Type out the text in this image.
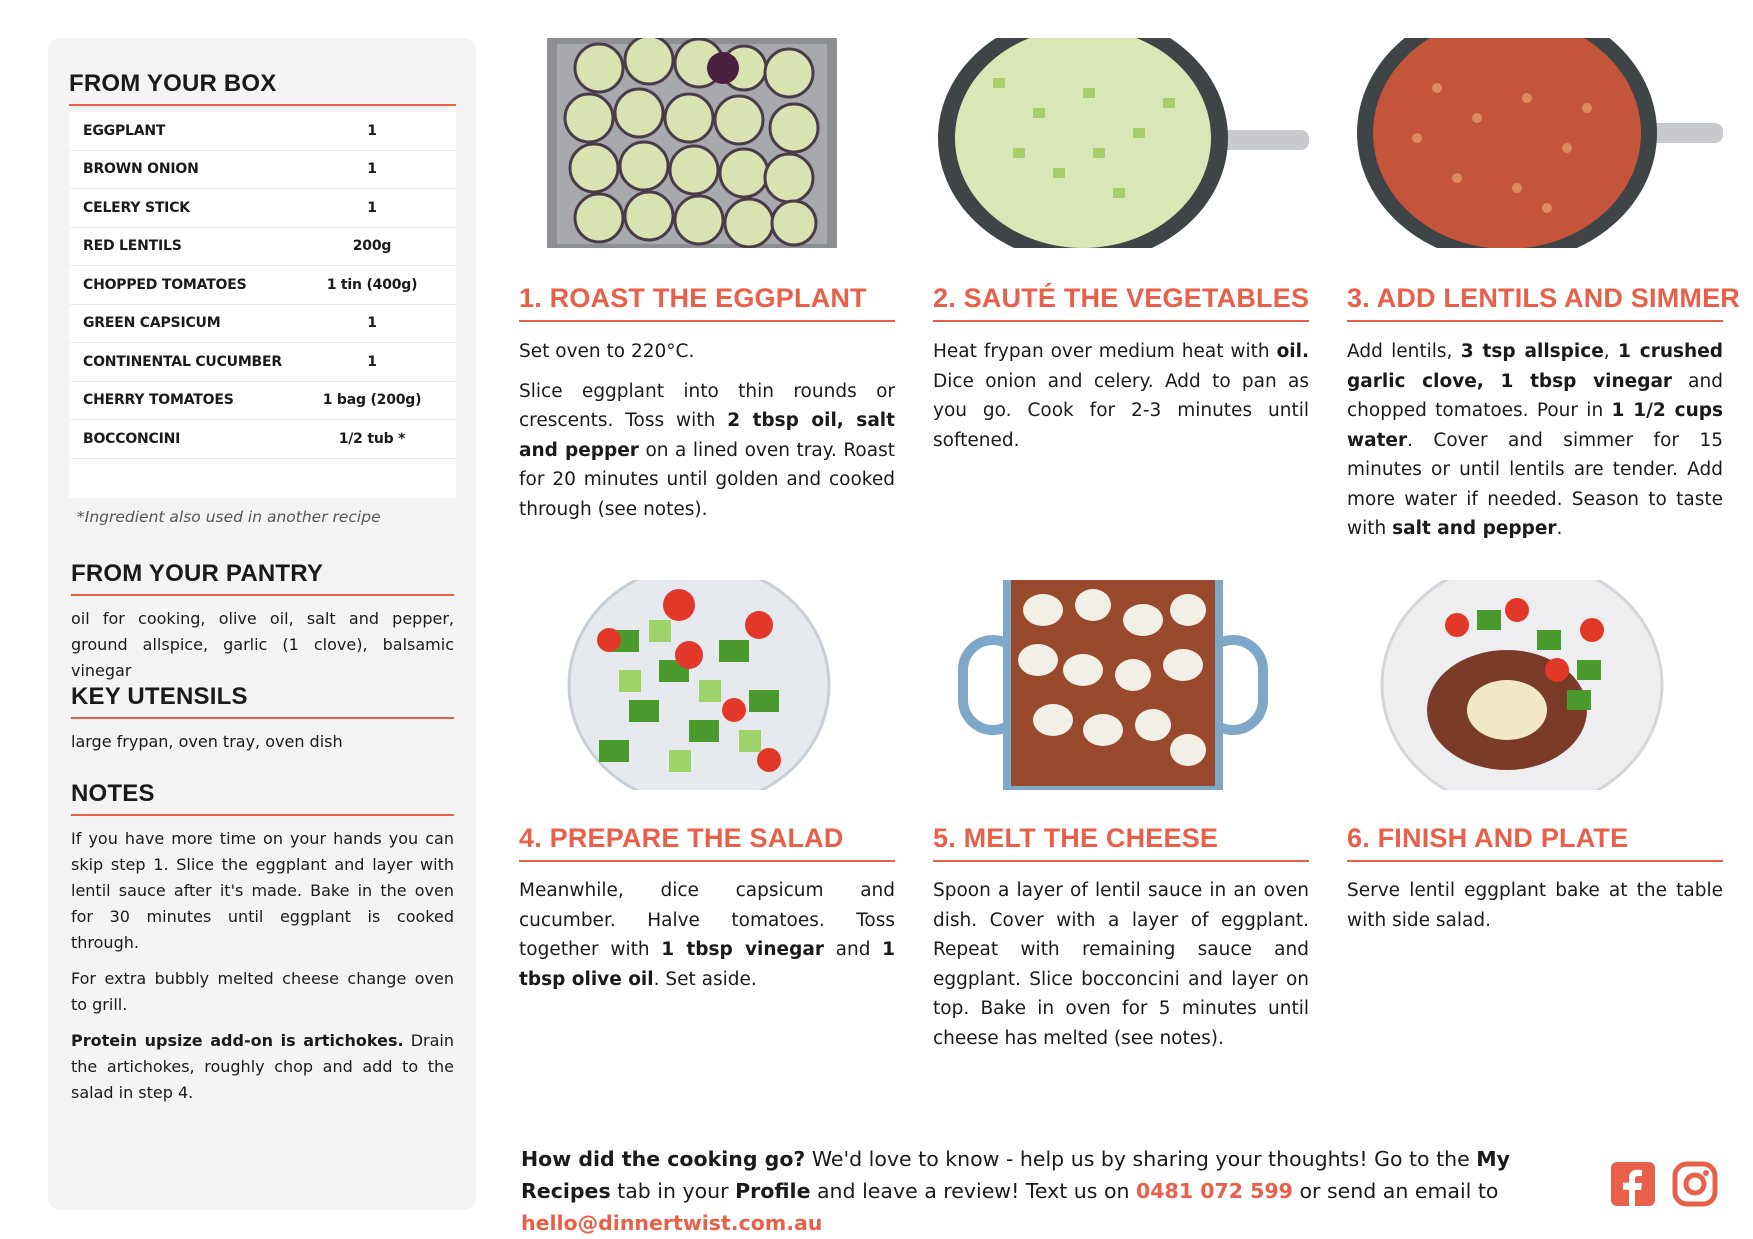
FROM YOUR BOX
EGGPLANT	1
BROWN ONION	1
CELERY STICK	1
RED LENTILS	200g
CHOPPED TOMATOES	1 tin (400g)
GREEN CAPSICUM	1
CONTINENTAL CUCUMBER	1
CHERRY TOMATOES	1 bag (200g)
BOCCONCINI	1/2 tub *
*Ingredient also used in another recipe
FROM YOUR PANTRY
oil for cooking, olive oil, salt and pepper, ground allspice, garlic (1 clove), balsamic vinegar
KEY UTENSILS
large frypan, oven tray, oven dish
NOTES

If you have more time on your hands you can skip step 1. Slice the eggplant and layer with lentil sauce after it's made. Bake in the oven for 30 minutes until eggplant is cooked through.

For extra bubbly melted cheese change oven to grill.

Protein upsize add-on is artichokes. Drain the artichokes, roughly chop and add to the salad in step 4.

1. ROAST THE EGGPLANT

Set oven to 220°C.

Slice eggplant into thin rounds or crescents. Toss with 2 tbsp oil, salt and pepper on a lined oven tray. Roast for 20 minutes until golden and cooked through (see notes).

2. SAUTÉ THE VEGETABLES

Heat frypan over medium heat with oil. Dice onion and celery. Add to pan as you go. Cook for 2-3 minutes until softened.

3. ADD LENTILS AND SIMMER

Add lentils, 3 tsp allspice, 1 crushed garlic clove, 1 tbsp vinegar and chopped tomatoes. Pour in 1 1/2 cups water. Cover and simmer for 15 minutes or until lentils are tender. Add more water if needed. Season to taste with salt and pepper.

4. PREPARE THE SALAD

Meanwhile, dice capsicum and cucumber. Halve tomatoes. Toss together with 1 tbsp vinegar and 1 tbsp olive oil. Set aside.

5. MELT THE CHEESE

Spoon a layer of lentil sauce in an oven dish. Cover with a layer of eggplant. Repeat with remaining sauce and eggplant. Slice bocconcini and layer on top. Bake in oven for 5 minutes until cheese has melted (see notes).

6. FINISH AND PLATE

Serve lentil eggplant bake at the table with side salad.

How did the cooking go? We'd love to know - help us by sharing your thoughts! Go to the My Recipes tab in your Profile and leave a review! Text us on 0481 072 599 or send an email to hello@dinnertwist.com.au
